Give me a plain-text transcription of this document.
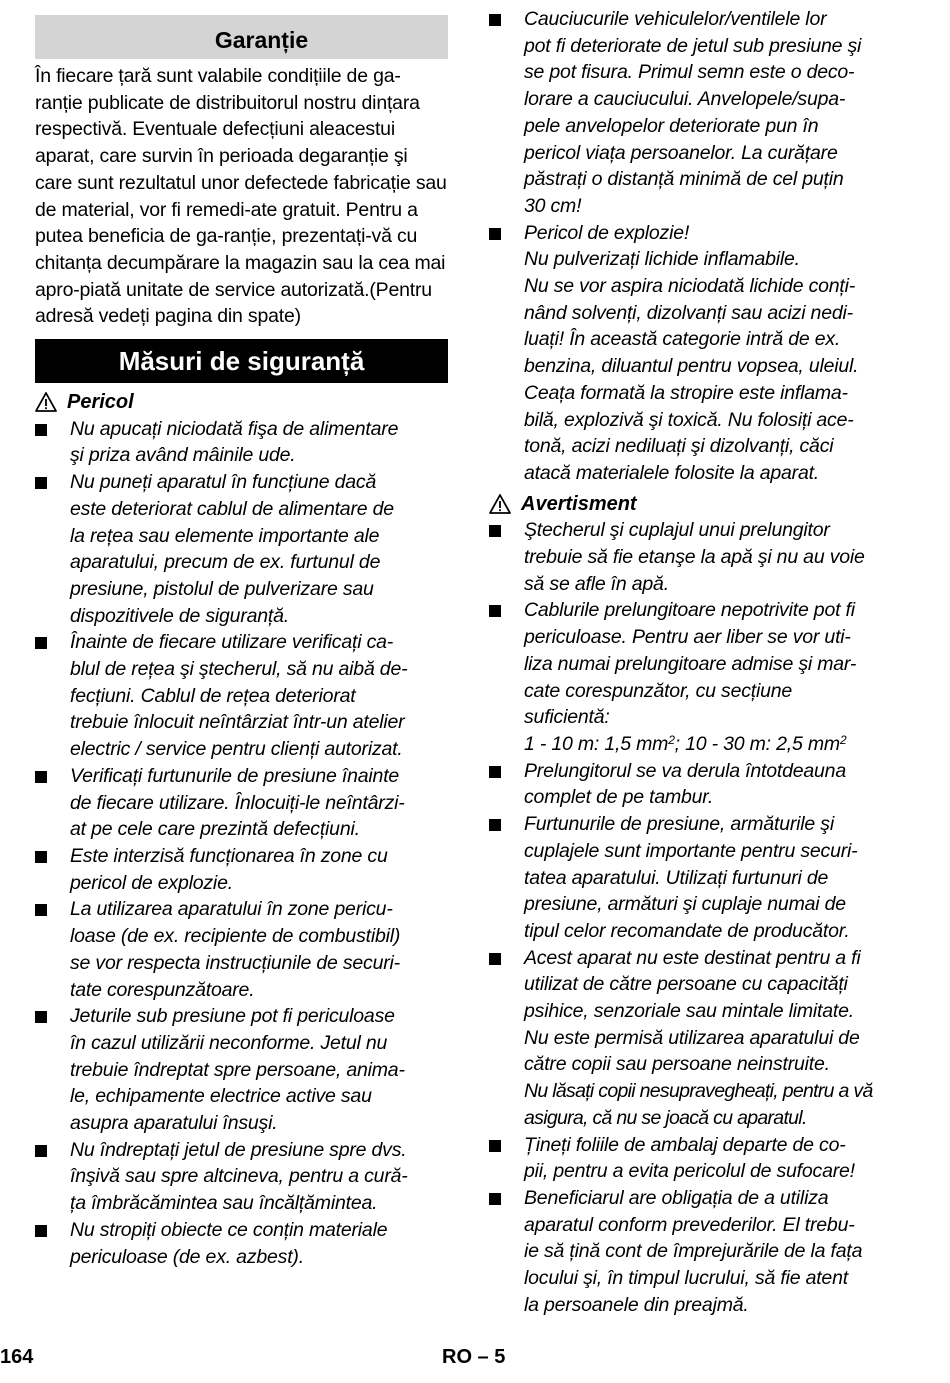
Garanție
În fiecare țară sunt valabile condițiile de ga-ranție publicate de distribuitorul nostru dințara respectivă. Eventuale defecțiuni aleacestui aparat, care survin în perioada degaranție şi care sunt rezultatul unor defectede fabricație sau de material, vor fi remedi-ate gratuit. Pentru a putea beneficia de ga-ranție, prezentați-vă cu chitanța decumpărare la magazin sau la cea mai apro-piată unitate de service autorizată.(Pentru adresă vedeți pagina din spate)
Măsuri de siguranță
Pericol
Nu apucați niciodată fişa de alimentare
şi priza având mâinile ude.
Nu puneți aparatul în funcțiune dacă
este deteriorat cablul de alimentare de
la rețea sau elemente importante ale
aparatului, precum de ex. furtunul de
presiune, pistolul de pulverizare sau
dispozitivele de siguranță.
Înainte de fiecare utilizare verificați ca-
blul de rețea şi ştecherul, să nu aibă de-
fecțiuni. Cablul de rețea deteriorat
trebuie înlocuit neîntârziat într-un atelier
electric / service pentru clienți autorizat.
Verificați furtunurile de presiune înainte
de fiecare utilizare. Înlocuiți-le neîntârzi-
at pe cele care prezintă defecțiuni.
Este interzisă funcționarea în zone cu
pericol de explozie.
La utilizarea aparatului în zone pericu-
loase (de ex. recipiente de combustibil)
se vor respecta instrucțiunile de securi-
tate corespunzătoare.
Jeturile sub presiune pot fi periculoase
în cazul utilizării neconforme. Jetul nu
trebuie îndreptat spre persoane, anima-
le, echipamente electrice active sau
asupra aparatului însuşi.
Nu îndreptați jetul de presiune spre dvs.
înşivă sau spre altcineva, pentru a cură-
ța îmbrăcămintea sau încălțămintea.
Nu stropiți obiecte ce conțin materiale
periculoase (de ex. azbest).
Cauciucurile vehiculelor/ventilele lor
pot fi deteriorate de jetul sub presiune şi
se pot fisura. Primul semn este o deco-
lorare a cauciucului. Anvelopele/supa-
pele anvelopelor deteriorate pun în
pericol viața persoanelor. La curățare
păstrați o distanță minimă de cel puțin
30 cm!
Pericol de explozie!
Nu pulverizați lichide inflamabile.
Nu se vor aspira niciodată lichide conți-
nând solvenți, dizolvanți sau acizi nedi-
luați! În această categorie intră de ex.
benzina, diluantul pentru vopsea, uleiul.
Ceața formată la stropire este inflama-
bilă, explozivă şi toxică. Nu folosiți ace-
tonă, acizi nediluați şi dizolvanți, căci
atacă materialele folosite la aparat.
Avertisment
Ştecherul şi cuplajul unui prelungitor
trebuie să fie etanşe la apă şi nu au voie
să se afle în apă.
Cablurile prelungitoare nepotrivite pot fi
periculoase. Pentru aer liber se vor uti-
liza numai prelungitoare admise şi mar-
cate corespunzător, cu secțiune
suficientă:
1 - 10 m: 1,5 $mm^2$; 10 - 30 m: 2,5 $mm^2$
Prelungitorul se va derula întotdeauna
complet de pe tambur.
Furtunurile de presiune, armăturile şi
cuplajele sunt importante pentru securi-
tatea aparatului. Utilizați furtunuri de
presiune, armături şi cuplaje numai de
tipul celor recomandate de producător.
Acest aparat nu este destinat pentru a fi
utilizat de către persoane cu capacități
psihice, senzoriale sau mintale limitate.
Nu este permisă utilizarea aparatului de
către copii sau persoane neinstruite.
Nu lăsați copii nesupravegheați, pentru a vă
asigura, că nu se joacă cu aparatul.
Țineți foliile de ambalaj departe de co-
pii, pentru a evita pericolul de sufocare!
Beneficiarul are obligația de a utiliza
aparatul conform prevederilor. El trebu-
ie să țină cont de împrejurările de la fața
locului şi, în timpul lucrului, să fie atent
la persoanele din preajmă.
164	RO – 5
